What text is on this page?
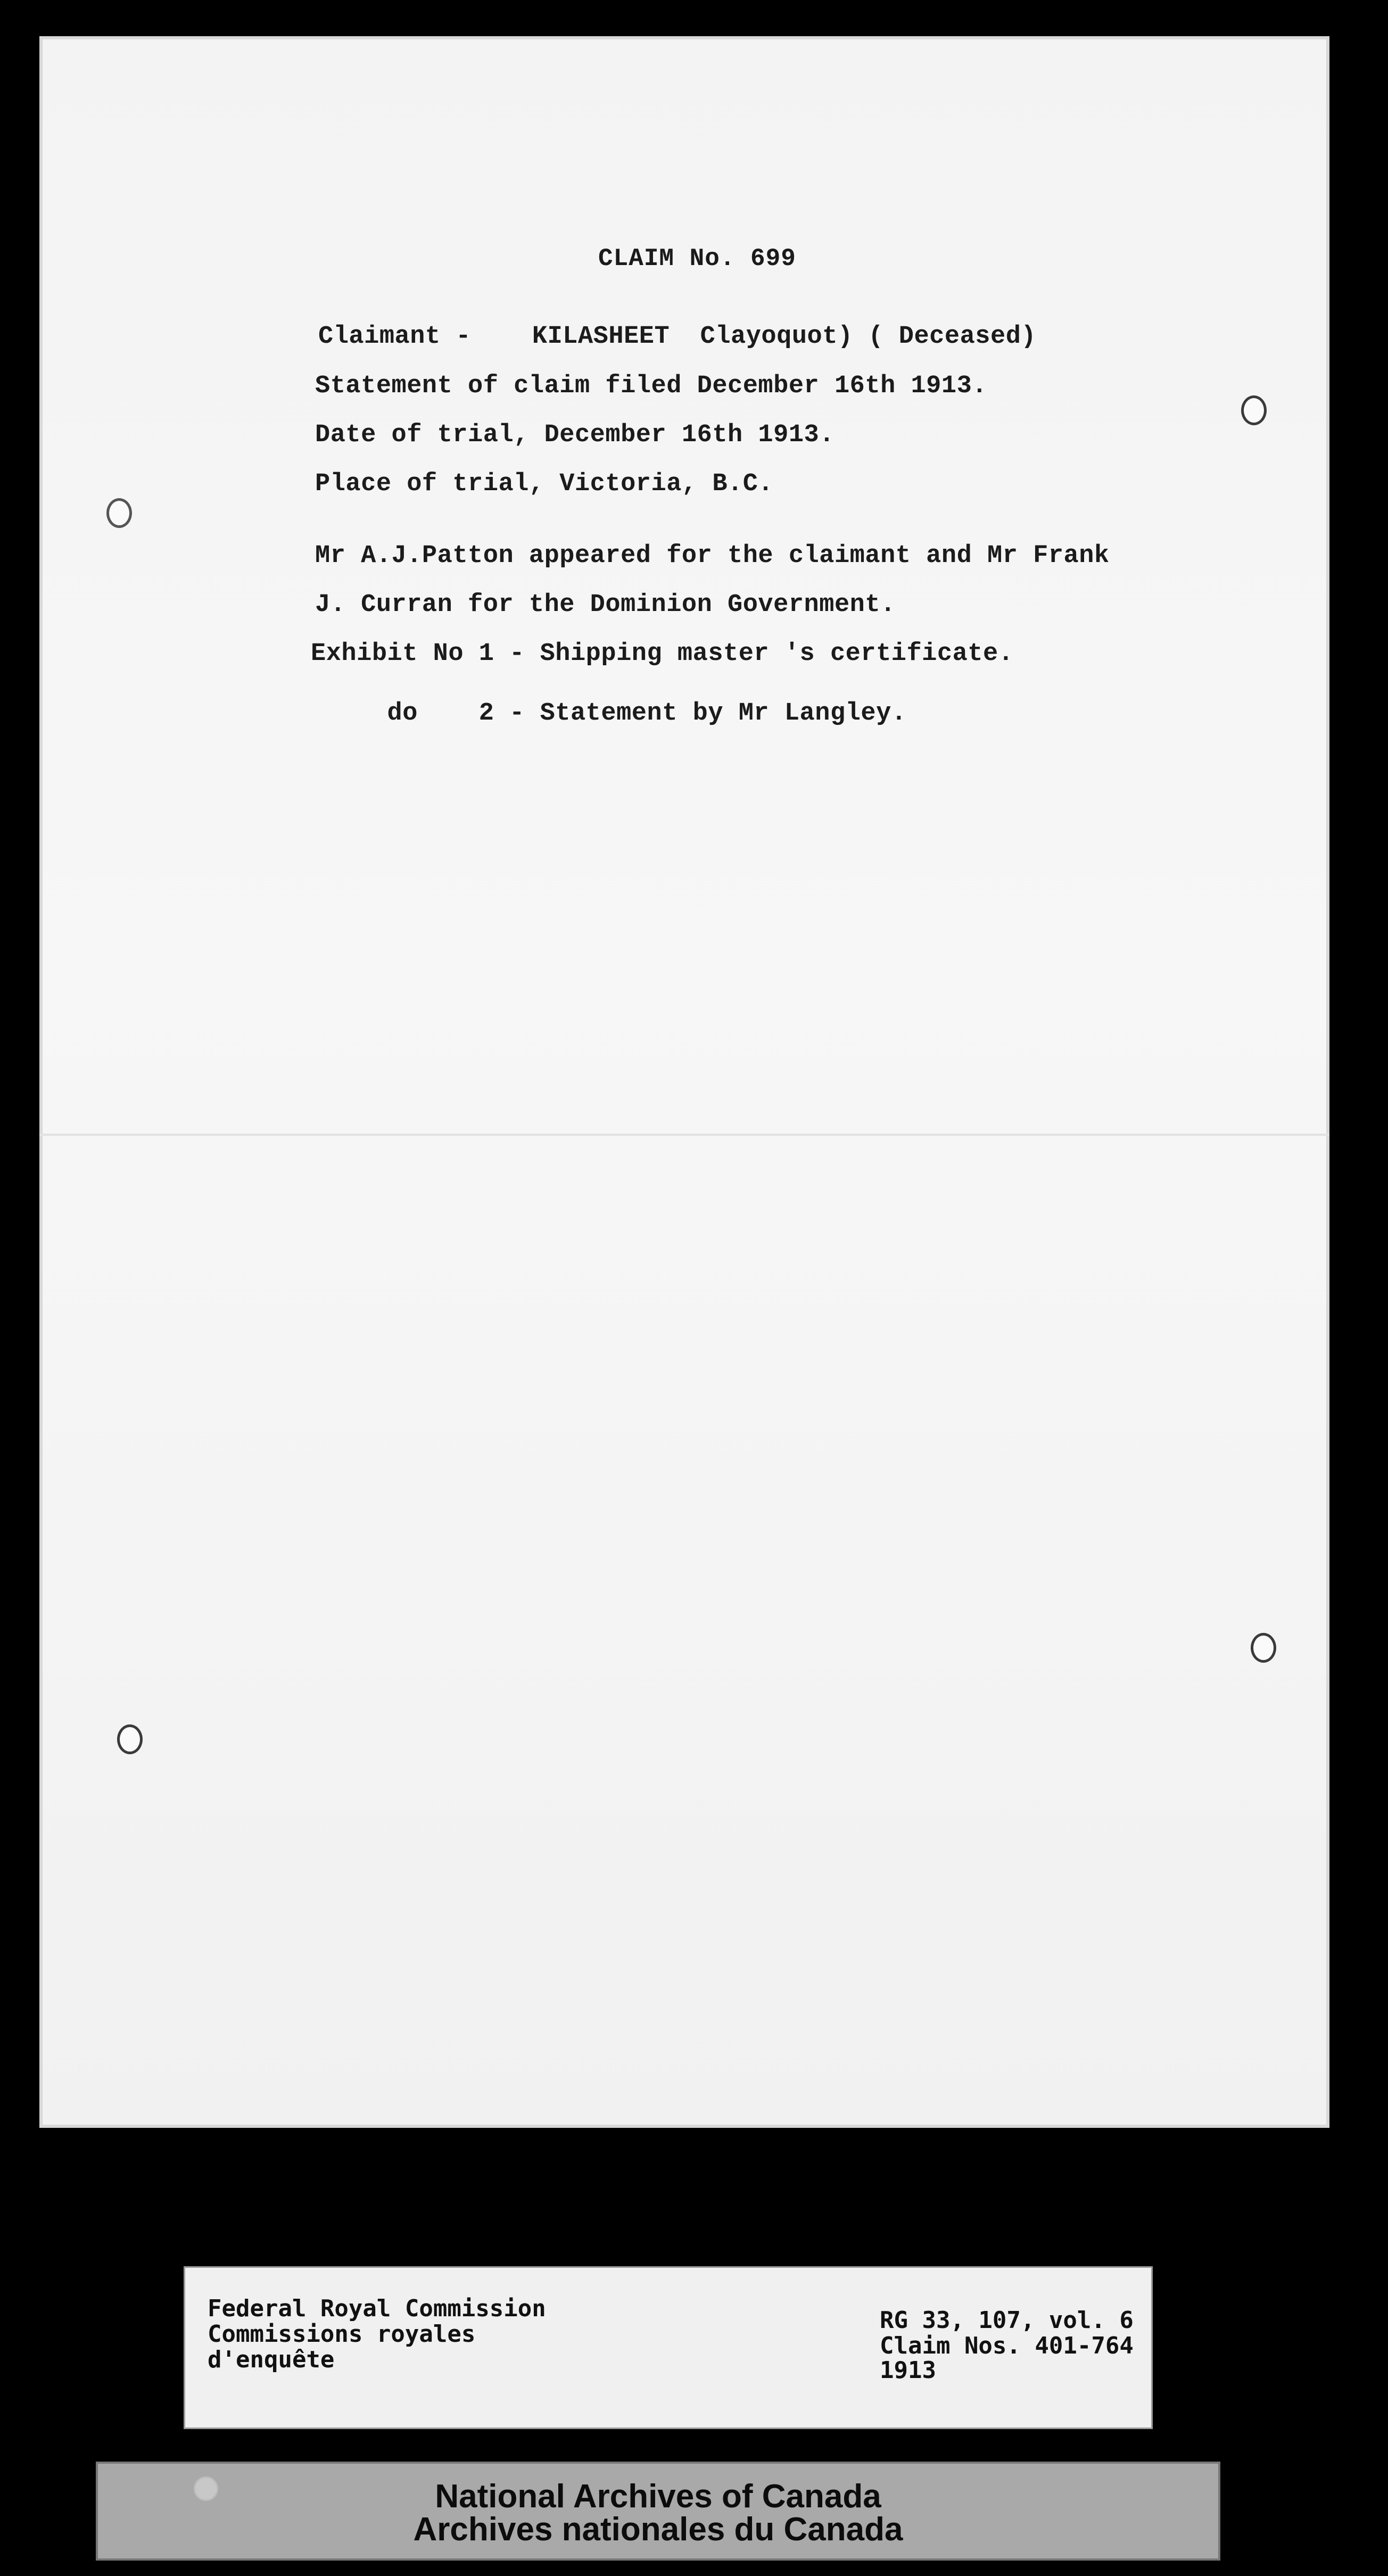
CLAIM No. 699
Claimant -    KILASHEET  Clayoquot) ( Deceased)
Statement of claim filed December 16th 1913.
Date of trial, December 16th 1913.
Place of trial, Victoria, B.C.
Mr A.J.Patton appeared for the claimant and Mr Frank
J. Curran for the Dominion Government.
Exhibit No 1 - Shipping master 's certificate.
do    2 - Statement by Mr Langley.
Federal Royal Commission
Commissions royales
d'enquête
RG 33, 107, vol. 6
Claim Nos. 401-764
1913
National Archives of Canada
Archives nationales du Canada
